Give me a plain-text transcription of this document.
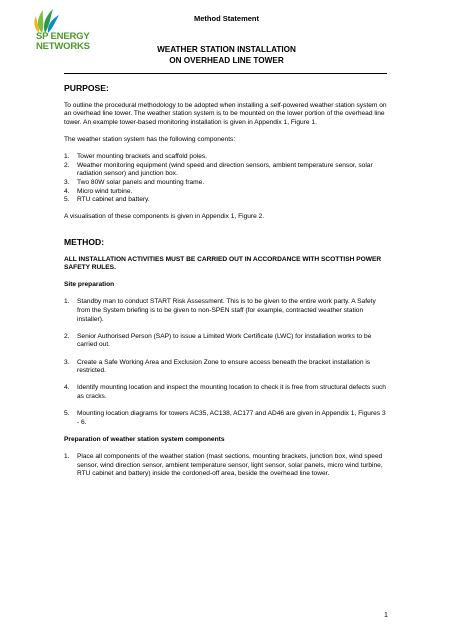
SP ENERGY
NETWORKS
Method Statement
WEATHER STATION INSTALLATION
ON OVERHEAD LINE TOWER
PURPOSE:

To outline the procedural methodology to be adopted when installing a self-powered weather station system on an overhead line tower. The weather station system is to be mounted on the lower portion of the overhead line tower. An example tower-based monitoring installation is given in Appendix 1, Figure 1.

The weather station system has the following components:

1. Tower mounting brackets and scaffold poles.
2. Weather monitoring equipment (wind speed and direction sensors, ambient temperature sensor, solar radiation sensor) and junction box.
3. Two 80W solar panels and mounting frame.
4. Micro wind turbine.
5. RTU cabinet and battery.

A visualisation of these components is given in Appendix 1, Figure 2.

METHOD:

ALL INSTALLATION ACTIVITIES MUST BE CARRIED OUT IN ACCORDANCE WITH SCOTTISH POWER SAFETY RULES.

Site preparation

1. Standby man to conduct START Risk Assessment. This is to be given to the entire work party. A Safety from the System briefing is to be given to non-SPEN staff (for example, contracted weather station installer).
2. Senior Authorised Person (SAP) to issue a Limited Work Certificate (LWC) for installation works to be carried out.
3. Create a Safe Working Area and Exclusion Zone to ensure access beneath the bracket installation is restricted.
4. Identify mounting location and inspect the mounting location to check it is free from structural defects such as cracks.
5. Mounting location diagrams for towers AC35, AC138, AC177 and AD46 are given in Appendix 1, Figures 3 - 6.

Preparation of weather station system components

1. Place all components of the weather station (mast sections, mounting brackets, junction box, wind speed sensor, wind direction sensor, ambient temperature sensor, light sensor, solar panels, micro wind turbine, RTU cabinet and battery) inside the cordoned-off area, beside the overhead line tower.
1
